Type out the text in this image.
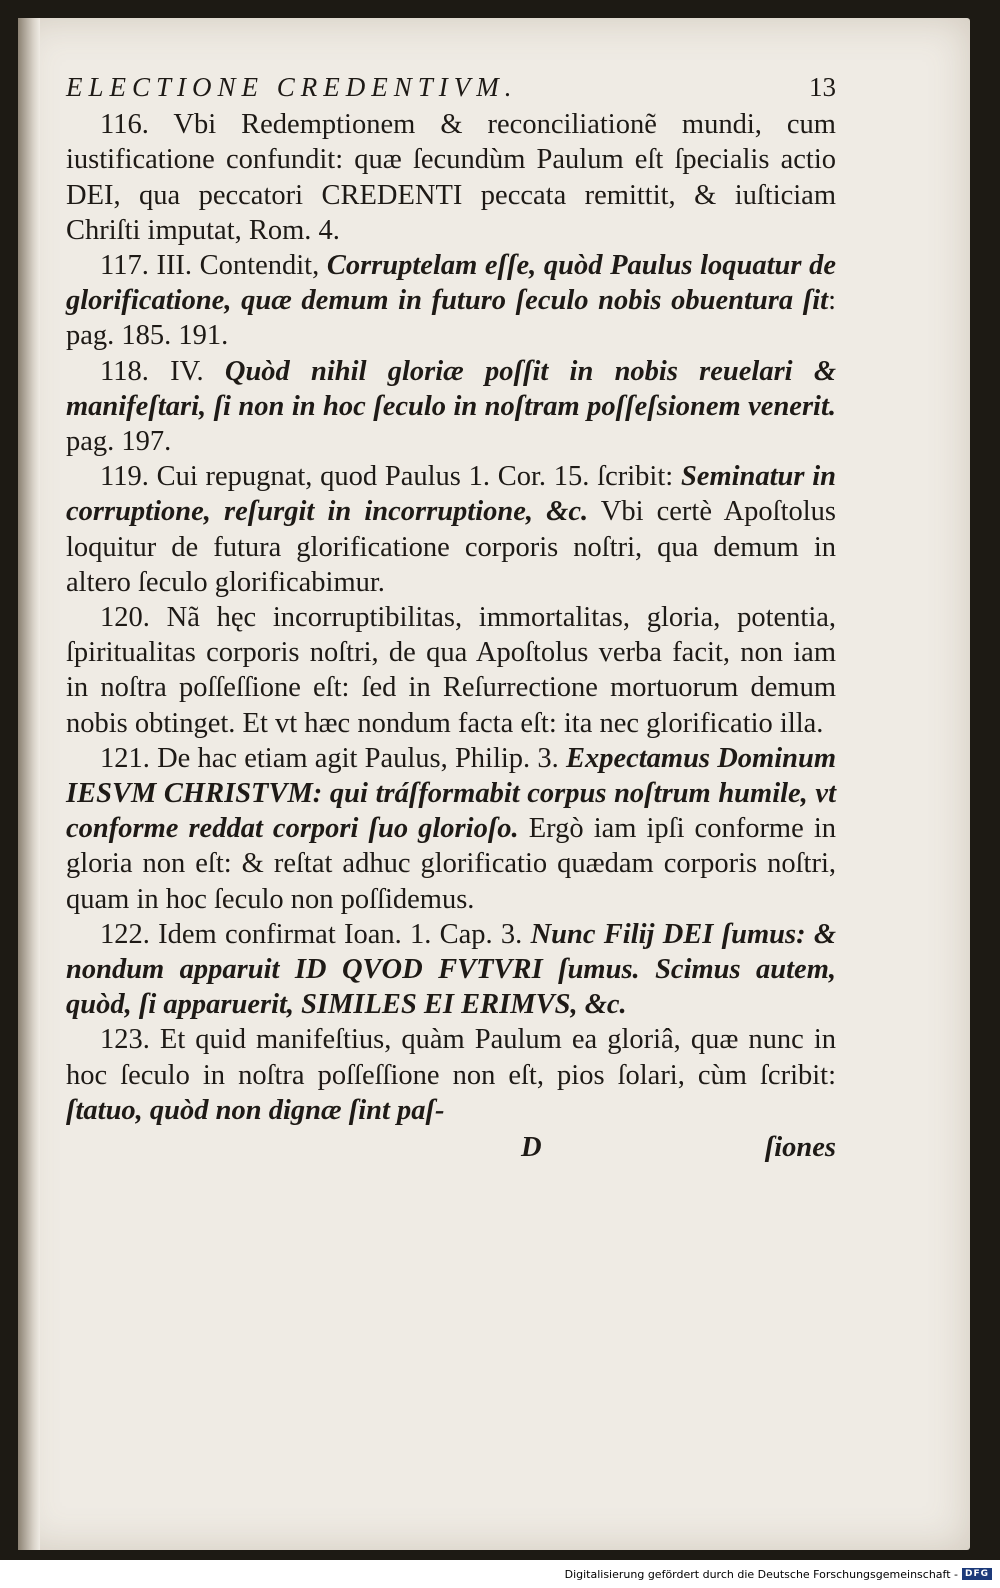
ELECTIONE CREDENTIVM.	13

116. Vbi Redemptionem & reconciliationẽ mundi, cum iustificatione confundit: quæ ſecundùm Paulum eſt ſpecialis actio DEI, qua peccatori CREDENTI peccata remittit, & iuſticiam Chriſti imputat, Rom. 4.

117. III. Contendit, Corruptelam eſſe, quòd Paulus loquatur de glorificatione, quæ demum in futuro ſeculo nobis obuentura ſit: pag. 185. 191.

118. IV. Quòd nihil gloriæ poſſit in nobis reuelari & manifeſtari, ſi non in hoc ſeculo in noſtram poſſeſsionem venerit. pag. 197.

119. Cui repugnat, quod Paulus 1. Cor. 15. ſcribit: Seminatur in corruptione, reſurgit in incorruptione, &c. Vbi certè Apoſtolus loquitur de futura glorificatione corporis noſtri, qua demum in altero ſeculo glorificabimur.

120. Nã hęc incorruptibilitas, immortalitas, gloria, potentia, ſpiritualitas corporis noſtri, de qua Apoſtolus verba facit, non iam in noſtra poſſeſſione eſt: ſed in Reſurrectione mortuorum demum nobis obtinget. Et vt hæc nondum facta eſt: ita nec glorificatio illa.

121. De hac etiam agit Paulus, Philip. 3. Expectamus Dominum IESVM CHRISTVM: qui tráſformabit corpus noſtrum humile, vt conforme reddat corpori ſuo glorioſo. Ergò iam ipſi conforme in gloria non eſt: & reſtat adhuc glorificatio quædam corporis noſtri, quam in hoc ſeculo non poſſidemus.

122. Idem confirmat Ioan. 1. Cap. 3. Nunc Filij DEI ſumus: & nondum apparuit ID QVOD FVTVRI ſumus. Scimus autem, quòd, ſi apparuerit, SIMILES EI ERIMVS, &c.

123. Et quid manifeſtius, quàm Paulum ea gloriâ, quæ nunc in hoc ſeculo in noſtra poſſeſſione non eſt, pios ſolari, cùm ſcribit: ſtatuo, quòd non dignæ ſint paſ-

D	ſiones
Digitalisierung gefördert durch die Deutsche Forschungsgemeinschaft - DFG
